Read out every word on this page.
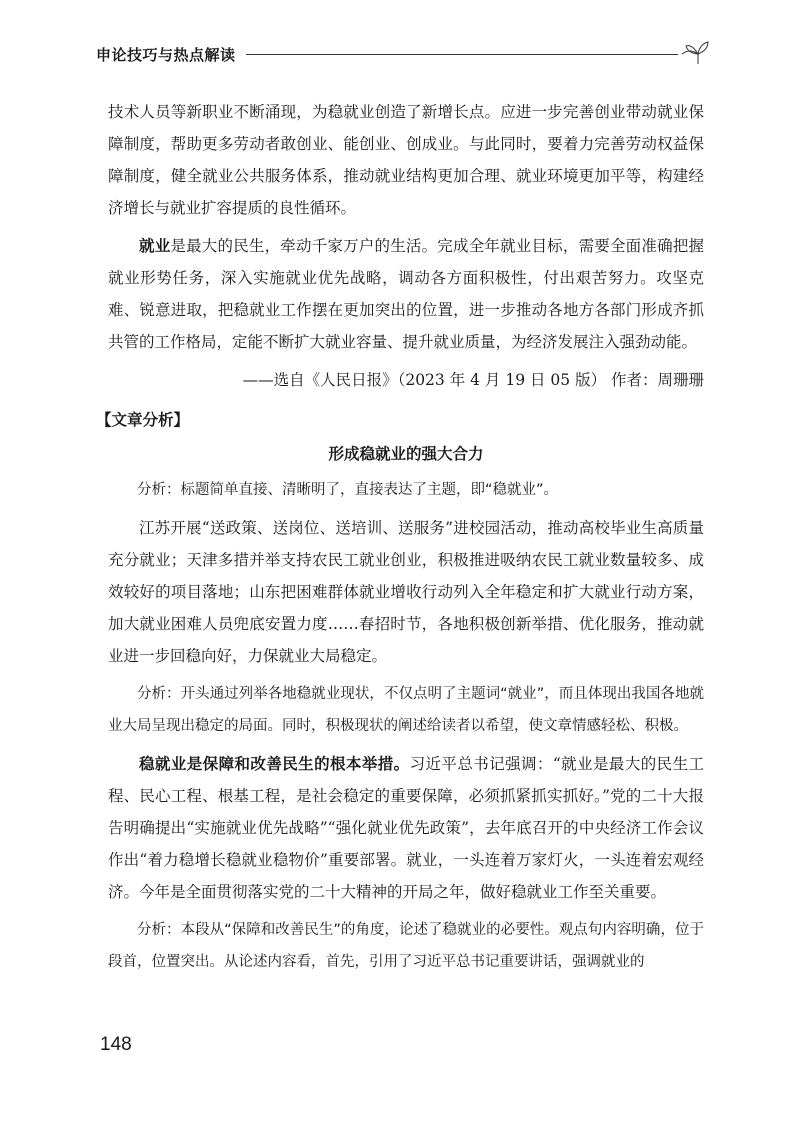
申论技巧与热点解读

技术人员等新职业不断涌现，为稳就业创造了新增长点。应进一步完善创业带动就业保障制度，帮助更多劳动者敢创业、能创业、创成业。与此同时，要着力完善劳动权益保障制度，健全就业公共服务体系，推动就业结构更加合理、就业环境更加平等，构建经济增长与就业扩容提质的良性循环。

就业是最大的民生，牵动千家万户的生活。完成全年就业目标，需要全面准确把握就业形势任务，深入实施就业优先战略，调动各方面积极性，付出艰苦努力。攻坚克难、锐意进取，把稳就业工作摆在更加突出的位置，进一步推动各地方各部门形成齐抓共管的工作格局，定能不断扩大就业容量、提升就业质量，为经济发展注入强劲动能。

——选自《人民日报》（2023 年 4 月 19 日 05 版） 作者：周珊珊

【文章分析】
形成稳就业的强大合力

分析：标题简单直接、清晰明了，直接表达了主题，即“稳就业”。

江苏开展“送政策、送岗位、送培训、送服务”进校园活动，推动高校毕业生高质量充分就业；天津多措并举支持农民工就业创业，积极推进吸纳农民工就业数量较多、成效较好的项目落地；山东把困难群体就业增收行动列入全年稳定和扩大就业行动方案，加大就业困难人员兜底安置力度……春招时节，各地积极创新举措、优化服务，推动就业进一步回稳向好，力保就业大局稳定。

分析：开头通过列举各地稳就业现状，不仅点明了主题词“就业”，而且体现出我国各地就业大局呈现出稳定的局面。同时，积极现状的阐述给读者以希望，使文章情感轻松、积极。

稳就业是保障和改善民生的根本举措。习近平总书记强调：“就业是最大的民生工程、民心工程、根基工程，是社会稳定的重要保障，必须抓紧抓实抓好。”党的二十大报告明确提出“实施就业优先战略”“强化就业优先政策”，去年底召开的中央经济工作会议作出“着力稳增长稳就业稳物价”重要部署。就业，一头连着万家灯火，一头连着宏观经济。今年是全面贯彻落实党的二十大精神的开局之年，做好稳就业工作至关重要。

分析：本段从“保障和改善民生”的角度，论述了稳就业的必要性。观点句内容明确，位于段首，位置突出。从论述内容看，首先，引用了习近平总书记重要讲话，强调就业的

148
